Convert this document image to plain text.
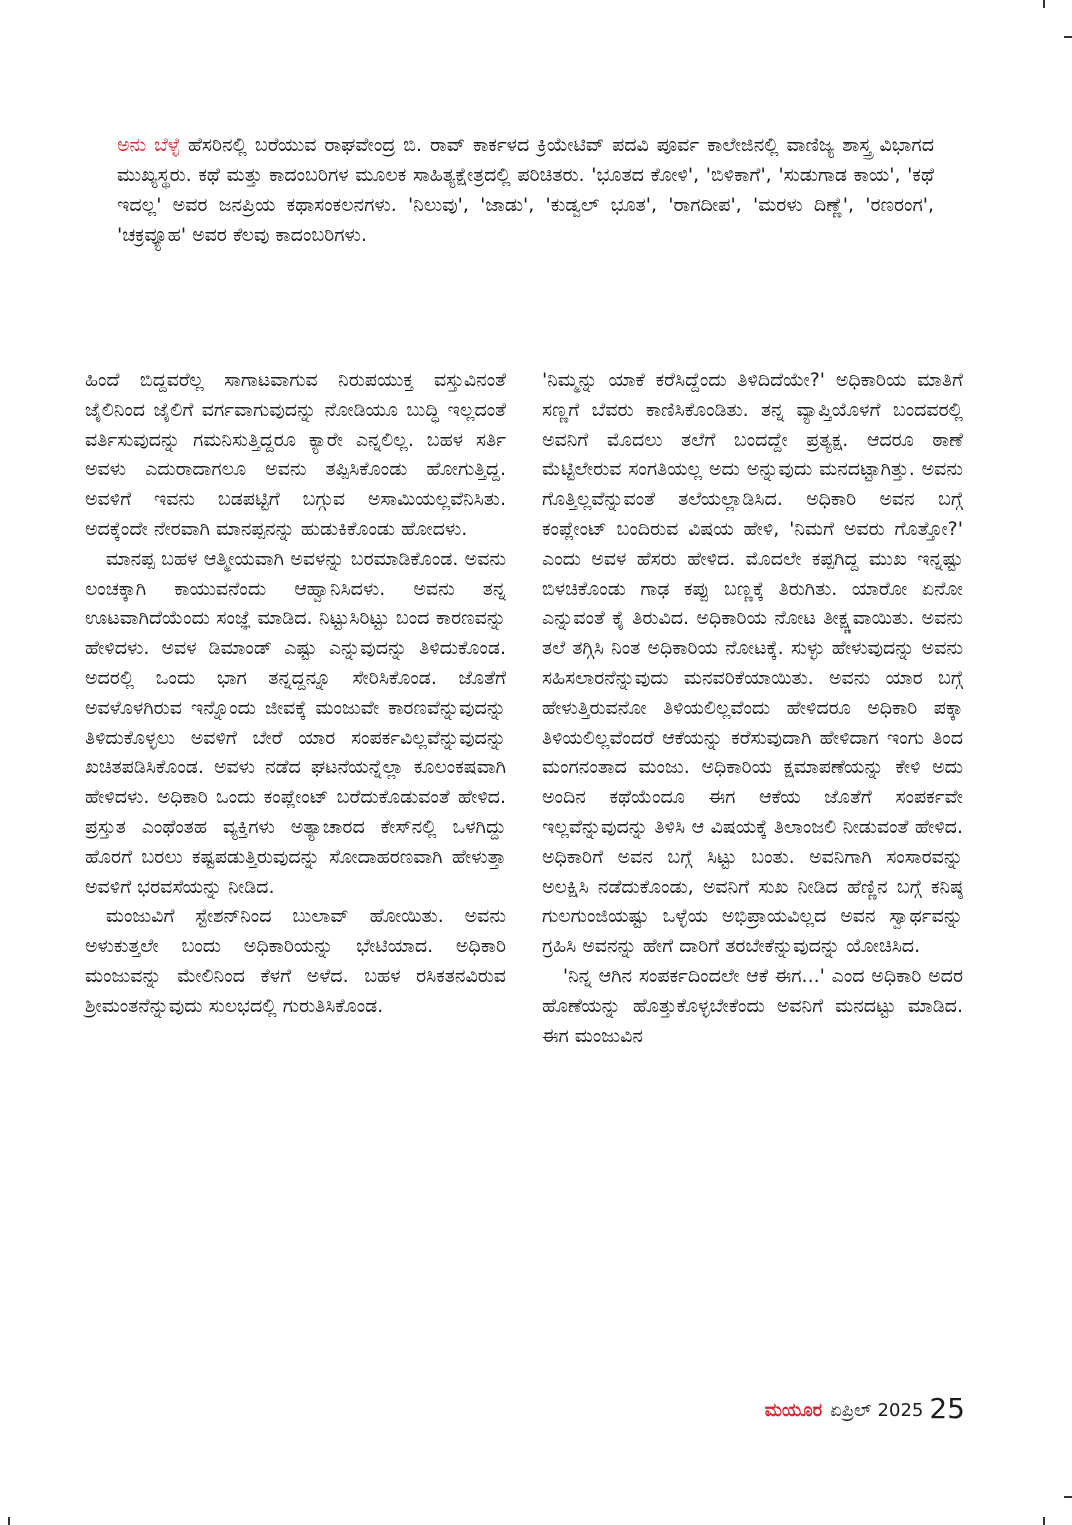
ಅನು ಬೆಳ್ಳೆ ಹೆಸರಿನಲ್ಲಿ ಬರೆಯುವ ರಾಘವೇಂದ್ರ ಬಿ. ರಾವ್ ಕಾರ್ಕಳದ ಕ್ರಿಯೇಟಿವ್ ಪದವಿ ಪೂರ್ವ ಕಾಲೇಜಿನಲ್ಲಿ ವಾಣಿಜ್ಯ ಶಾಸ್ತ್ರ ವಿಭಾಗದ ಮುಖ್ಯಸ್ಥರು. ಕಥೆ ಮತ್ತು ಕಾದಂಬರಿಗಳ ಮೂಲಕ ಸಾಹಿತ್ಯಕ್ಷೇತ್ರದಲ್ಲಿ ಪರಿಚಿತರು. 'ಭೂತದ ಕೋಳಿ', 'ಬಿಳಿಕಾಗೆ', 'ಸುಡುಗಾಡ ಕಾಯ', 'ಕಥೆ ಇದಲ್ಲ' ಅವರ ಜನಪ್ರಿಯ ಕಥಾಸಂಕಲನಗಳು. 'ನಿಲುವು', 'ಜಾಡು', 'ಕುಡ್ವಲ್ ಭೂತ', 'ರಾಗದೀಪ', 'ಮರಳು ದಿಣ್ಣೆ', 'ರಣರಂಗ', 'ಚಕ್ರವ್ಯೂಹ' ಅವರ ಕೆಲವು ಕಾದಂಬರಿಗಳು.

ಹಿಂದೆ ಬಿದ್ದವರೆಲ್ಲ ಸಾಗಾಟವಾಗುವ ನಿರುಪಯುಕ್ತ ವಸ್ತುವಿನಂತೆ ಜೈಲಿನಿಂದ ಜೈಲಿಗೆ ವರ್ಗವಾಗುವುದನ್ನು ನೋಡಿಯೂ ಬುದ್ಧಿ ಇಲ್ಲದಂತೆ ವರ್ತಿಸುವುದನ್ನು ಗಮನಿಸುತ್ತಿದ್ದರೂ ಕ್ಯಾರೇ ಎನ್ನಲಿಲ್ಲ. ಬಹಳ ಸರ್ತಿ ಅವಳು ಎದುರಾದಾಗಲೂ ಅವನು ತಪ್ಪಿಸಿಕೊಂಡು ಹೋಗುತ್ತಿದ್ದ. ಅವಳಿಗೆ ಇವನು ಬಡಪಟ್ಟಿಗೆ ಬಗ್ಗುವ ಅಸಾಮಿಯಲ್ಲವೆನಿಸಿತು. ಅದಕ್ಕೆಂದೇ ನೇರವಾಗಿ ಮಾನಪ್ಪನನ್ನು ಹುಡುಕಿಕೊಂಡು ಹೋದಳು.

ಮಾನಪ್ಪ ಬಹಳ ಆತ್ಮೀಯವಾಗಿ ಅವಳನ್ನು ಬರಮಾಡಿಕೊಂಡ. ಅವನು ಲಂಚಕ್ಕಾಗಿ ಕಾಯುವನೆಂದು ಆಹ್ವಾನಿಸಿದಳು. ಅವನು ತನ್ನ ಊಟವಾಗಿದೆಯೆಂದು ಸಂಜ್ಞೆ ಮಾಡಿದ. ನಿಟ್ಟುಸಿರಿಟ್ಟು ಬಂದ ಕಾರಣವನ್ನು ಹೇಳಿದಳು. ಅವಳ ಡಿಮಾಂಡ್ ಎಷ್ಟು ಎನ್ನುವುದನ್ನು ತಿಳಿದುಕೊಂಡ. ಅದರಲ್ಲಿ ಒಂದು ಭಾಗ ತನ್ನದ್ದನ್ನೂ ಸೇರಿಸಿಕೊಂಡ. ಜೊತೆಗೆ ಅವಳೊಳಗಿರುವ ಇನ್ನೊಂದು ಜೀವಕ್ಕೆ ಮಂಜುವೇ ಕಾರಣವೆನ್ನುವುದನ್ನು ತಿಳಿದುಕೊಳ್ಳಲು ಅವಳಿಗೆ ಬೇರೆ ಯಾರ ಸಂಪರ್ಕವಿಲ್ಲವೆನ್ನುವುದನ್ನು ಖಚಿತಪಡಿಸಿಕೊಂಡ. ಅವಳು ನಡೆದ ಘಟನೆಯನ್ನೆಲ್ಲಾ ಕೂಲಂಕಷವಾಗಿ ಹೇಳಿದಳು. ಅಧಿಕಾರಿ ಒಂದು ಕಂಪ್ಲೇಂಟ್ ಬರೆದುಕೊಡುವಂತೆ ಹೇಳಿದ. ಪ್ರಸ್ತುತ ಎಂಥೆಂತಹ ವ್ಯಕ್ತಿಗಳು ಅತ್ಯಾಚಾರದ ಕೇಸ್‌ನಲ್ಲಿ ಒಳಗಿದ್ದು ಹೊರಗೆ ಬರಲು ಕಷ್ಟಪಡುತ್ತಿರುವುದನ್ನು ಸೋದಾಹರಣವಾಗಿ ಹೇಳುತ್ತಾ ಅವಳಿಗೆ ಭರವಸೆಯನ್ನು ನೀಡಿದ.

ಮಂಜುವಿಗೆ ಸ್ಟೇಶನ್‌ನಿಂದ ಬುಲಾವ್ ಹೋಯಿತು. ಅವನು ಅಳುಕುತ್ತಲೇ ಬಂದು ಅಧಿಕಾರಿಯನ್ನು ಭೇಟಿಯಾದ. ಅಧಿಕಾರಿ ಮಂಜುವನ್ನು ಮೇಲಿನಿಂದ ಕೆಳಗೆ ಅಳೆದ. ಬಹಳ ರಸಿಕತನವಿರುವ ಶ್ರೀಮಂತನೆನ್ನುವುದು ಸುಲಭದಲ್ಲಿ ಗುರುತಿಸಿಕೊಂಡ.

'ನಿಮ್ಮನ್ನು ಯಾಕೆ ಕರೆಸಿದ್ದೆಂದು ತಿಳಿದಿದೆಯೇ?' ಅಧಿಕಾರಿಯ ಮಾತಿಗೆ ಸಣ್ಣಗೆ ಬೆವರು ಕಾಣಿಸಿಕೊಂಡಿತು. ತನ್ನ ವ್ಯಾಪ್ತಿಯೊಳಗೆ ಬಂದವರಲ್ಲಿ ಅವನಿಗೆ ಮೊದಲು ತಲೆಗೆ ಬಂದದ್ದೇ ಪ್ರತ್ಯಕ್ಷ. ಆದರೂ ಠಾಣೆ ಮೆಟ್ಟಿಲೇರುವ ಸಂಗತಿಯಲ್ಲ ಅದು ಅನ್ನುವುದು ಮನದಟ್ಟಾಗಿತ್ತು. ಅವನು ಗೊತ್ತಿಲ್ಲವೆನ್ನುವಂತೆ ತಲೆಯಲ್ಲಾಡಿಸಿದ. ಅಧಿಕಾರಿ ಅವನ ಬಗ್ಗೆ ಕಂಪ್ಲೇಂಟ್ ಬಂದಿರುವ ವಿಷಯ ಹೇಳಿ, 'ನಿಮಗೆ ಅವರು ಗೊತ್ತೋ?' ಎಂದು ಅವಳ ಹೆಸರು ಹೇಳಿದ. ಮೊದಲೇ ಕಪ್ಪಗಿದ್ದ ಮುಖ ಇನ್ನಷ್ಟು ಬಿಳಚಿಕೊಂಡು ಗಾಢ ಕಪ್ಪು ಬಣ್ಣಕ್ಕೆ ತಿರುಗಿತು. ಯಾರೋ ಏನೋ ಎನ್ನುವಂತೆ ಕೈ ತಿರುವಿದ. ಅಧಿಕಾರಿಯ ನೋಟ ತೀಕ್ಷ್ಣವಾಯಿತು. ಅವನು ತಲೆ ತಗ್ಗಿಸಿ ನಿಂತ ಅಧಿಕಾರಿಯ ನೋಟಕ್ಕೆ. ಸುಳ್ಳು ಹೇಳುವುದನ್ನು ಅವನು ಸಹಿಸಲಾರನೆನ್ನುವುದು ಮನವರಿಕೆಯಾಯಿತು. ಅವನು ಯಾರ ಬಗ್ಗೆ ಹೇಳುತ್ತಿರುವನೋ ತಿಳಿಯಲಿಲ್ಲವೆಂದು ಹೇಳಿದರೂ ಅಧಿಕಾರಿ ಪಕ್ಕಾ ತಿಳಿಯಲಿಲ್ಲವೆಂದರೆ ಆಕೆಯನ್ನು ಕರೆಸುವುದಾಗಿ ಹೇಳಿದಾಗ ಇಂಗು ತಿಂದ ಮಂಗನಂತಾದ ಮಂಜು. ಅಧಿಕಾರಿಯ ಕ್ಷಮಾಪಣೆಯನ್ನು ಕೇಳಿ ಅದು ಅಂದಿನ ಕಥೆಯೆಂದೂ ಈಗ ಆಕೆಯ ಜೊತೆಗೆ ಸಂಪರ್ಕವೇ ಇಲ್ಲವೆನ್ನುವುದನ್ನು ತಿಳಿಸಿ ಆ ವಿಷಯಕ್ಕೆ ತಿಲಾಂಜಲಿ ನೀಡುವಂತೆ ಹೇಳಿದ. ಅಧಿಕಾರಿಗೆ ಅವನ ಬಗ್ಗೆ ಸಿಟ್ಟು ಬಂತು. ಅವನಿಗಾಗಿ ಸಂಸಾರವನ್ನು ಅಲಕ್ಷಿಸಿ ನಡೆದುಕೊಂಡು, ಅವನಿಗೆ ಸುಖ ನೀಡಿದ ಹೆಣ್ಣಿನ ಬಗ್ಗೆ ಕನಿಷ್ಠ ಗುಲಗುಂಜಿಯಷ್ಟು ಒಳ್ಳೆಯ ಅಭಿಪ್ರಾಯವಿಲ್ಲದ ಅವನ ಸ್ವಾರ್ಥವನ್ನು ಗ್ರಹಿಸಿ ಅವನನ್ನು ಹೇಗೆ ದಾರಿಗೆ ತರಬೇಕೆನ್ನುವುದನ್ನು ಯೋಚಿಸಿದ.

'ನಿನ್ನ ಆಗಿನ ಸಂಪರ್ಕದಿಂದಲೇ ಆಕೆ ಈಗ...' ಎಂದ ಅಧಿಕಾರಿ ಅದರ ಹೊಣೆಯನ್ನು ಹೊತ್ತುಕೊಳ್ಳಬೇಕೆಂದು ಅವನಿಗೆ ಮನದಟ್ಟು ಮಾಡಿದ. ಈಗ ಮಂಜುವಿನ

ಮಯೂರ ಏಪ್ರಿಲ್ 2025 25
